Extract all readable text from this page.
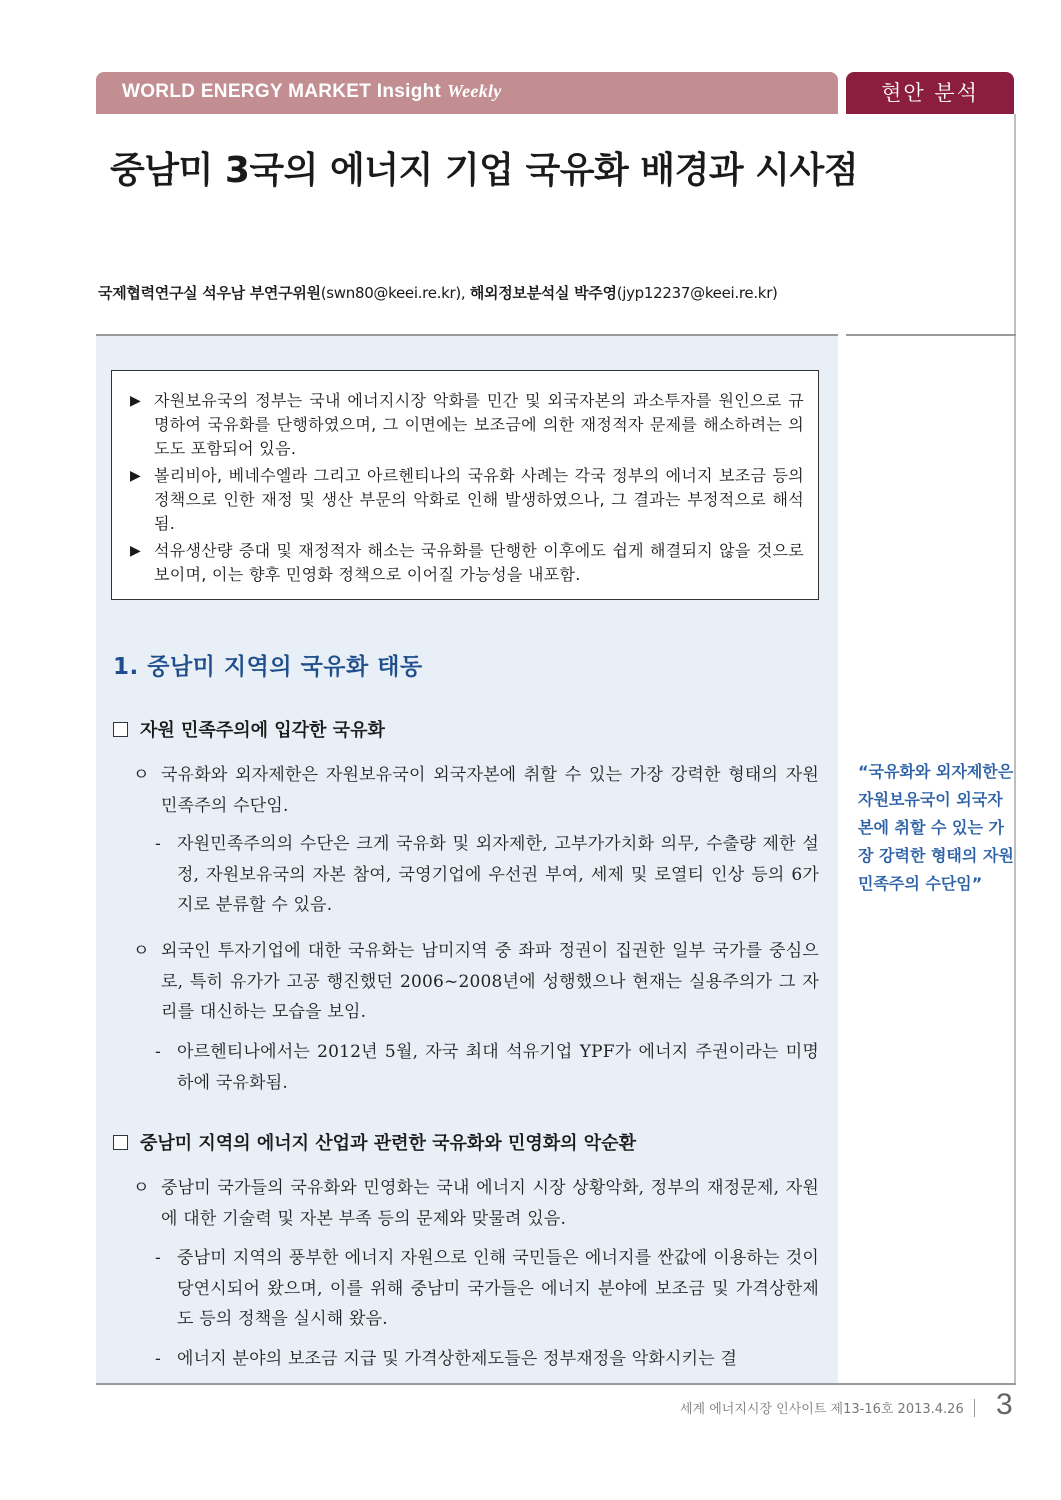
WORLD ENERGY MARKET Insight Weekly	현안 분석
중남미 3국의 에너지 기업 국유화 배경과 시사점
국제협력연구실 석우남 부연구위원(swn80@keei.re.kr), 해외정보분석실 박주영(jyp12237@keei.re.kr)
▶ 자원보유국의 정부는 국내 에너지시장 악화를 민간 및 외국자본의 과소투자를 원인으로 규명하여 국유화를 단행하였으며, 그 이면에는 보조금에 의한 재정적자 문제를 해소하려는 의도도 포함되어 있음.
▶ 볼리비아, 베네수엘라 그리고 아르헨티나의 국유화 사례는 각국 정부의 에너지 보조금 등의 정책으로 인한 재정 및 생산 부문의 악화로 인해 발생하였으나, 그 결과는 부정적으로 해석됨.
▶ 석유생산량 증대 및 재정적자 해소는 국유화를 단행한 이후에도 쉽게 해결되지 않을 것으로 보이며, 이는 향후 민영화 정책으로 이어질 가능성을 내포함.
1. 중남미 지역의 국유화 태동
자원 민족주의에 입각한 국유화
ㅇ 국유화와 외자제한은 자원보유국이 외국자본에 취할 수 있는 가장 강력한 형태의 자원 민족주의 수단임.
- 자원민족주의의 수단은 크게 국유화 및 외자제한, 고부가가치화 의무, 수출량 제한 설정, 자원보유국의 자본 참여, 국영기업에 우선권 부여, 세제 및 로열티 인상 등의 6가지로 분류할 수 있음.
ㅇ 외국인 투자기업에 대한 국유화는 남미지역 중 좌파 정권이 집권한 일부 국가를 중심으로, 특히 유가가 고공 행진했던 2006~2008년에 성행했으나 현재는 실용주의가 그 자리를 대신하는 모습을 보임.
- 아르헨티나에서는 2012년 5월, 자국 최대 석유기업 YPF가 에너지 주권이라는 미명 하에 국유화됨.
중남미 지역의 에너지 산업과 관련한 국유화와 민영화의 악순환
ㅇ 중남미 국가들의 국유화와 민영화는 국내 에너지 시장 상황악화, 정부의 재정문제, 자원에 대한 기술력 및 자본 부족 등의 문제와 맞물려 있음.
- 중남미 지역의 풍부한 에너지 자원으로 인해 국민들은 에너지를 싼값에 이용하는 것이 당연시되어 왔으며, 이를 위해 중남미 국가들은 에너지 분야에 보조금 및 가격상한제도 등의 정책을 실시해 왔음.
- 에너지 분야의 보조금 지급 및 가격상한제도들은 정부재정을 악화시키는 결
“국유화와 외자제한은 자원보유국이 외국자본에 취할 수 있는 가장 강력한 형태의 자원 민족주의 수단임”
세계 에너지시장 인사이트 제13-16호 2013.4.26	3
